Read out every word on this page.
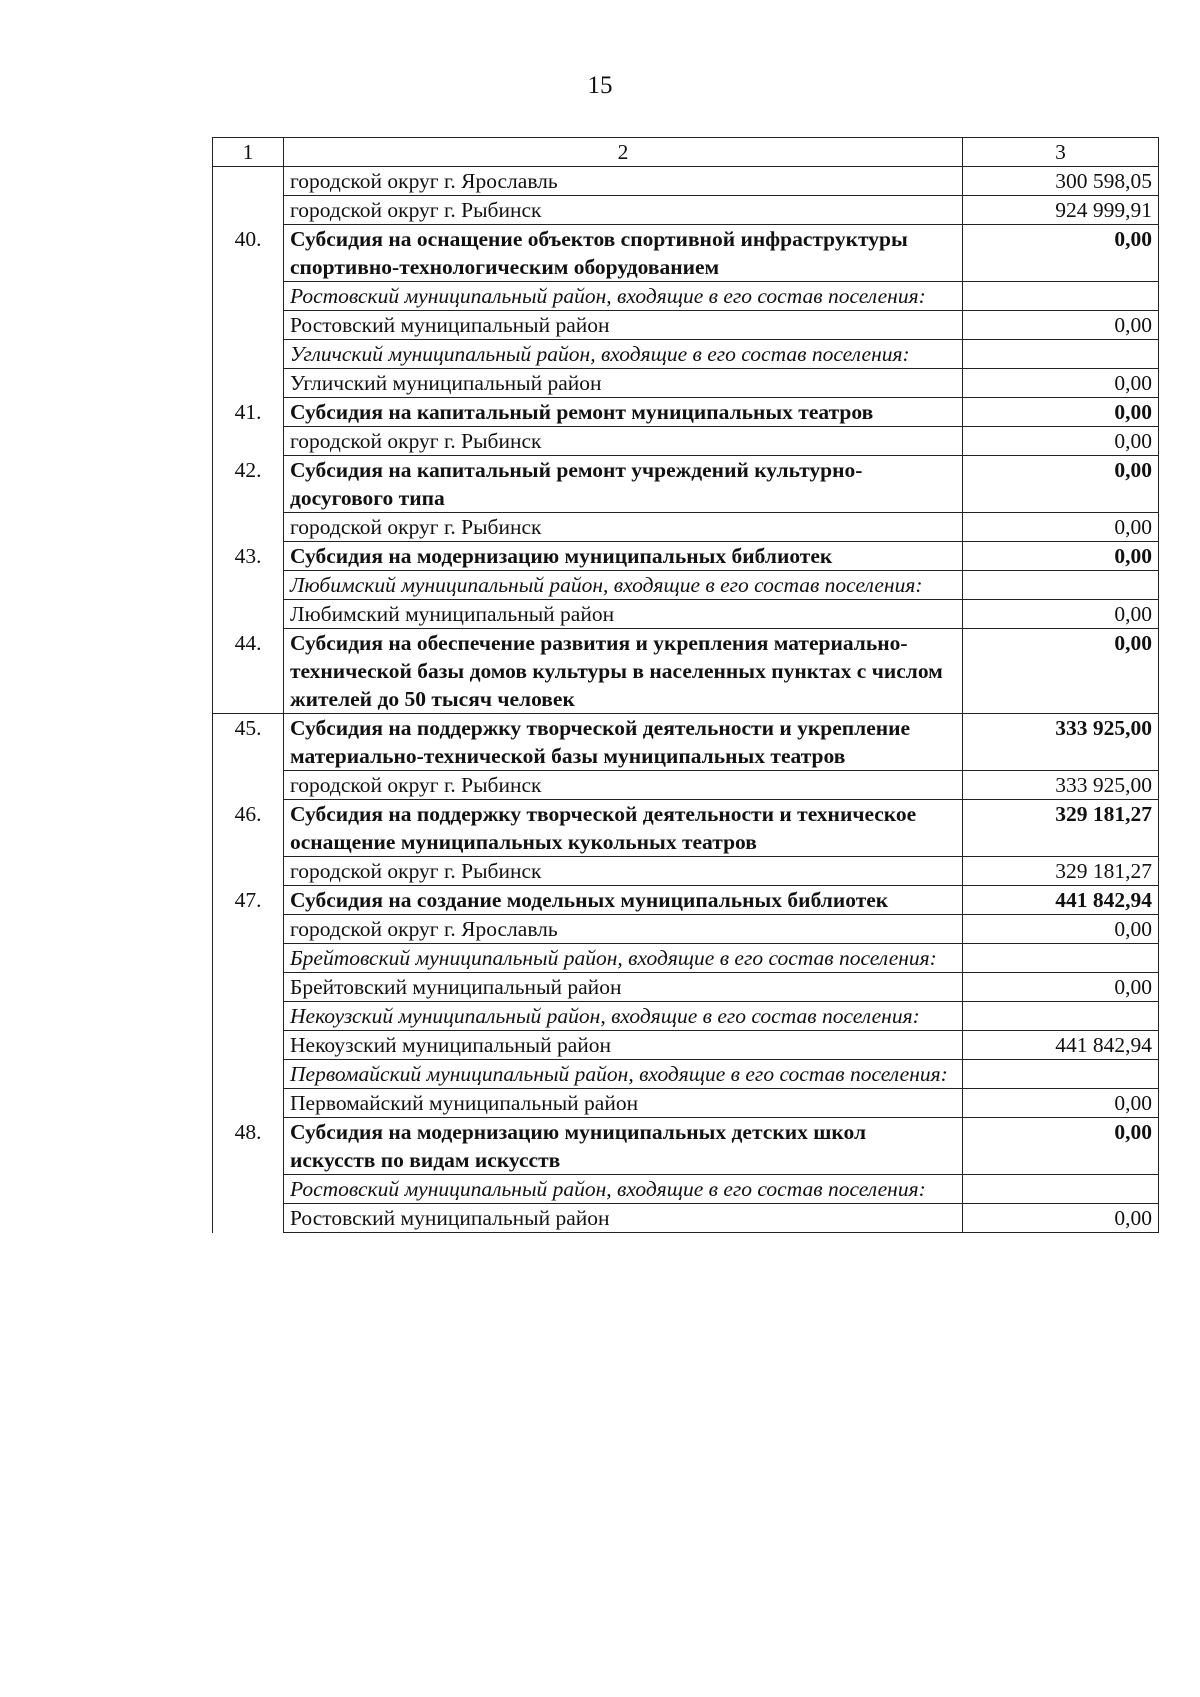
15
1	2	3
	городской округ г. Ярославль	300 598,05
	городской округ г. Рыбинск	924 999,91
40.	Субсидия на оснащение объектов спортивной инфраструктуры спортивно-технологическим оборудованием	0,00
	Ростовский муниципальный район, входящие в его состав поселения:	
	Ростовский муниципальный район	0,00
	Угличский муниципальный район, входящие в его состав поселения:	
	Угличский муниципальный район	0,00
41.	Субсидия на капитальный ремонт муниципальных театров	0,00
	городской округ г. Рыбинск	0,00
42.	Субсидия на капитальный ремонт учреждений культурно-досугового типа	0,00
	городской округ г. Рыбинск	0,00
43.	Субсидия на модернизацию муниципальных библиотек	0,00
	Любимский муниципальный район, входящие в его состав поселения:	
	Любимский муниципальный район	0,00
44.	Субсидия на обеспечение развития и укрепления материально-технической базы домов культуры в населенных пунктах с числом жителей до 50 тысяч человек	0,00
45.	Субсидия на поддержку творческой деятельности и укрепление материально-технической базы муниципальных театров	333 925,00
	городской округ г. Рыбинск	333 925,00
46.	Субсидия на поддержку творческой деятельности и техническое оснащение муниципальных кукольных театров	329 181,27
	городской округ г. Рыбинск	329 181,27
47.	Субсидия на создание модельных муниципальных библиотек	441 842,94
	городской округ г. Ярославль	0,00
	Брейтовский муниципальный район, входящие в его состав поселения:	
	Брейтовский муниципальный район	0,00
	Некоузский муниципальный район, входящие в его состав поселения:	
	Некоузский муниципальный район	441 842,94
	Первомайский муниципальный район, входящие в его состав поселения:	
	Первомайский муниципальный район	0,00
48.	Субсидия на модернизацию муниципальных детских школ искусств по видам искусств	0,00
	Ростовский муниципальный район, входящие в его состав поселения:	
	Ростовский муниципальный район	0,00
